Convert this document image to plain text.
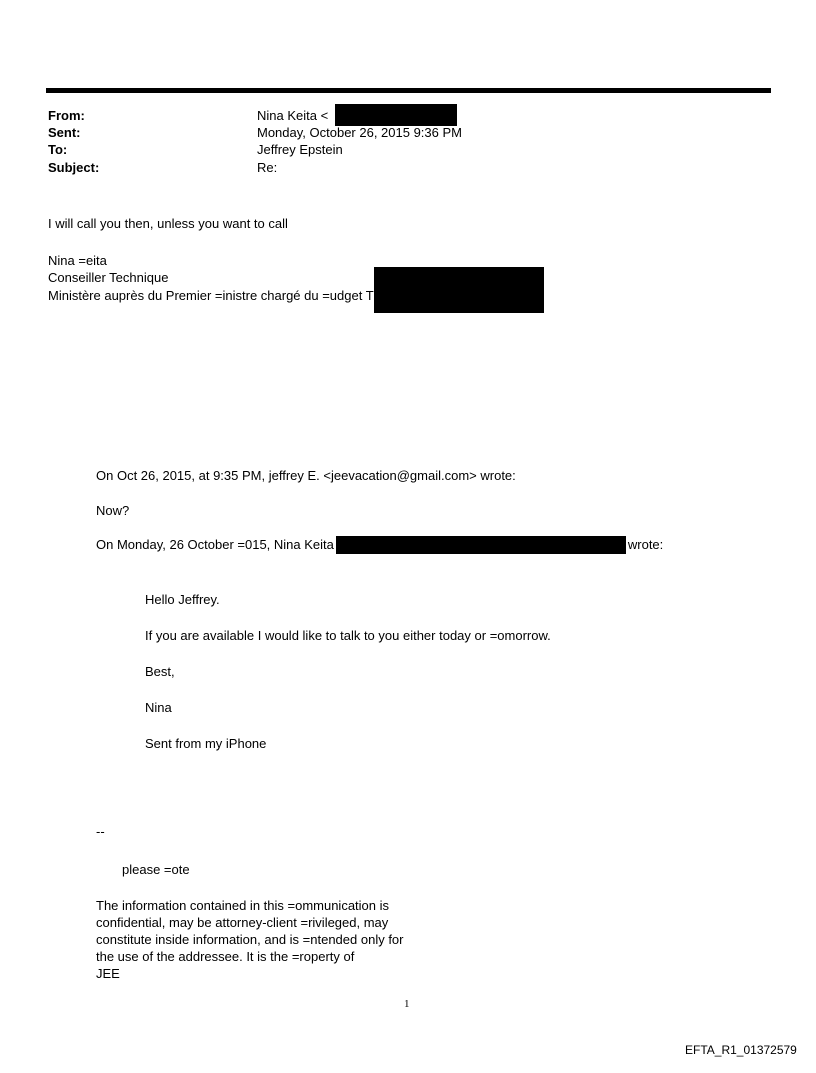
From:	Nina Keita <
Sent:	Monday, October 26, 2015 9:36 PM
To:	Jeffrey Epstein
Subject:	Re:
I will call you then, unless you want to call
Nina =eita
Conseiller Technique
Ministère auprès du Premier =inistre chargé du =udget T
On Oct 26, 2015, at 9:35 PM, jeffrey E. <jeevacation@gmail.com> wrote:
Now?
On Monday, 26 October =015, Nina Keita	wrote:
Hello Jeffrey.
If you are available I would like to talk to you either today or =omorrow.
Best,
Nina
Sent from my iPhone
--
please =ote
The information contained in this =ommunication is
confidential, may be attorney-client =rivileged, may
constitute inside information, and is =ntended only for
the use of the addressee. It is the =roperty of
JEE
1
EFTA_R1_01372579
